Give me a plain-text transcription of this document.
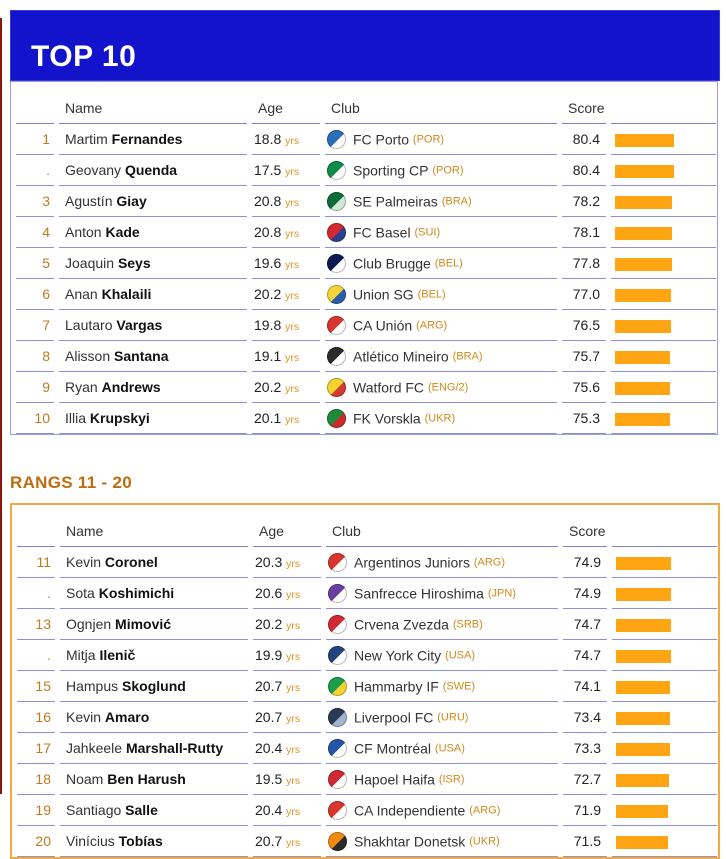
TOP 10
	Name	Age	Club	Score	
1	Martim Fernandes	18.8 yrs	FC Porto (POR)	80.4	
.	Geovany Quenda	17.5 yrs	Sporting CP (POR)	80.4	
3	Agustín Giay	20.8 yrs	SE Palmeiras (BRA)	78.2	
4	Anton Kade	20.8 yrs	FC Basel (SUI)	78.1	
5	Joaquin Seys	19.6 yrs	Club Brugge (BEL)	77.8	
6	Anan Khalaili	20.2 yrs	Union SG (BEL)	77.0	
7	Lautaro Vargas	19.8 yrs	CA Unión (ARG)	76.5	
8	Alisson Santana	19.1 yrs	Atlético Mineiro (BRA)	75.7	
9	Ryan Andrews	20.2 yrs	Watford FC (ENG/2)	75.6	
10	Illia Krupskyi	20.1 yrs	FK Vorskla (UKR)	75.3	
RANGS 11 - 20
	Name	Age	Club	Score	
11	Kevin Coronel	20.3 yrs	Argentinos Juniors (ARG)	74.9	
.	Sota Koshimichi	20.6 yrs	Sanfrecce Hiroshima (JPN)	74.9	
13	Ognjen Mimović	20.2 yrs	Crvena Zvezda (SRB)	74.7	
.	Mitja Ilenič	19.9 yrs	New York City (USA)	74.7	
15	Hampus Skoglund	20.7 yrs	Hammarby IF (SWE)	74.1	
16	Kevin Amaro	20.7 yrs	Liverpool FC (URU)	73.4	
17	Jahkeele Marshall-Rutty	20.4 yrs	CF Montréal (USA)	73.3	
18	Noam Ben Harush	19.5 yrs	Hapoel Haifa (ISR)	72.7	
19	Santiago Salle	20.4 yrs	CA Independiente (ARG)	71.9	
20	Vinícius Tobías	20.7 yrs	Shakhtar Donetsk (UKR)	71.5	
